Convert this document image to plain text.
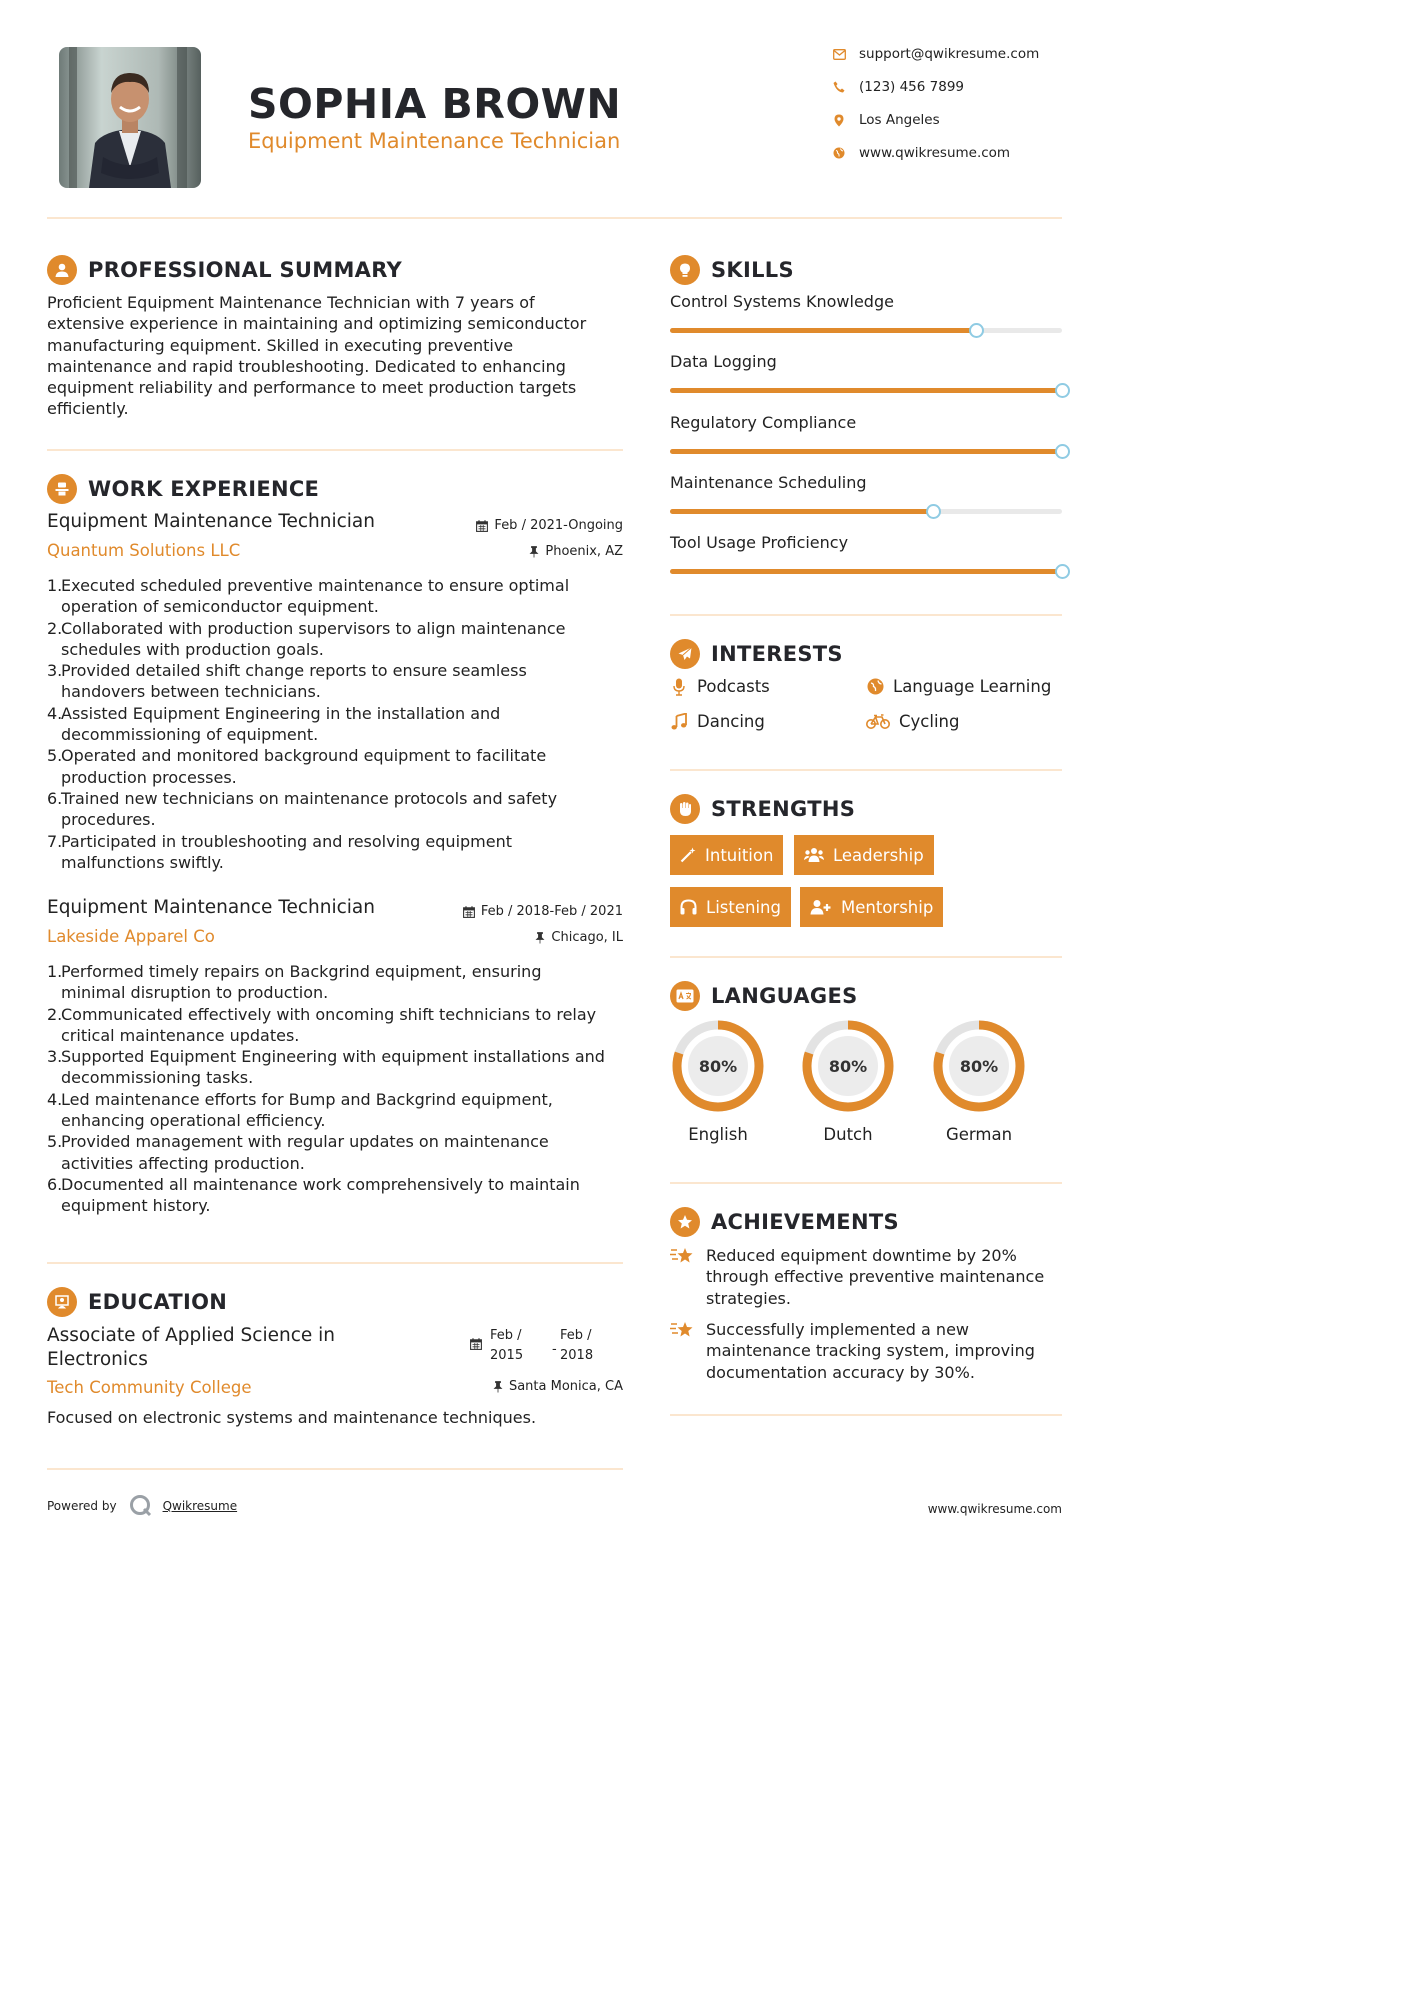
SOPHIA BROWN
Equipment Maintenance Technician
support@qwikresume.com
(123) 456 7899
Los Angeles
www.qwikresume.com
PROFESSIONAL SUMMARY
Proficient Equipment Maintenance Technician with 7 years of
extensive experience in maintaining and optimizing semiconductor
manufacturing equipment. Skilled in executing preventive
maintenance and rapid troubleshooting. Dedicated to enhancing
equipment reliability and performance to meet production targets
efficiently.
WORK EXPERIENCE
Equipment Maintenance Technician
Quantum Solutions LLC
Feb / 2021-Ongoing
Phoenix, AZ
1.
Executed scheduled preventive maintenance to ensure optimal
operation of semiconductor equipment.
2.
Collaborated with production supervisors to align maintenance
schedules with production goals.
3.
Provided detailed shift change reports to ensure seamless
handovers between technicians.
4.
Assisted Equipment Engineering in the installation and
decommissioning of equipment.
5.
Operated and monitored background equipment to facilitate
production processes.
6.
Trained new technicians on maintenance protocols and safety
procedures.
7.
Participated in troubleshooting and resolving equipment
malfunctions swiftly.
Equipment Maintenance Technician
Lakeside Apparel Co
Feb / 2018-Feb / 2021
Chicago, IL
1.
Performed timely repairs on Backgrind equipment, ensuring
minimal disruption to production.
2.
Communicated effectively with oncoming shift technicians to relay
critical maintenance updates.
3.
Supported Equipment Engineering with equipment installations and
decommissioning tasks.
4.
Led maintenance efforts for Bump and Backgrind equipment,
enhancing operational efficiency.
5.
Provided management with regular updates on maintenance
activities affecting production.
6.
Documented all maintenance work comprehensively to maintain
equipment history.
EDUCATION
Associate of Applied Science in
Electronics
Tech Community College
Feb /
2015 -
Feb /
2018
Santa Monica, CA
Focused on electronic systems and maintenance techniques.
SKILLS
Control Systems Knowledge
Data Logging
Regulatory Compliance
Maintenance Scheduling
Tool Usage Proficiency
INTERESTS
Podcasts	Language Learning
Dancing	Cycling
STRENGTHS
Intuition	Leadership
Listening	Mentorship
LANGUAGES
80%
English
80%
Dutch
80%
German
ACHIEVEMENTS
Reduced equipment downtime by 20%
through effective preventive maintenance
strategies.
Successfully implemented a new
maintenance tracking system, improving
documentation accuracy by 30%.
Powered by	Qwikresume	www.qwikresume.com
